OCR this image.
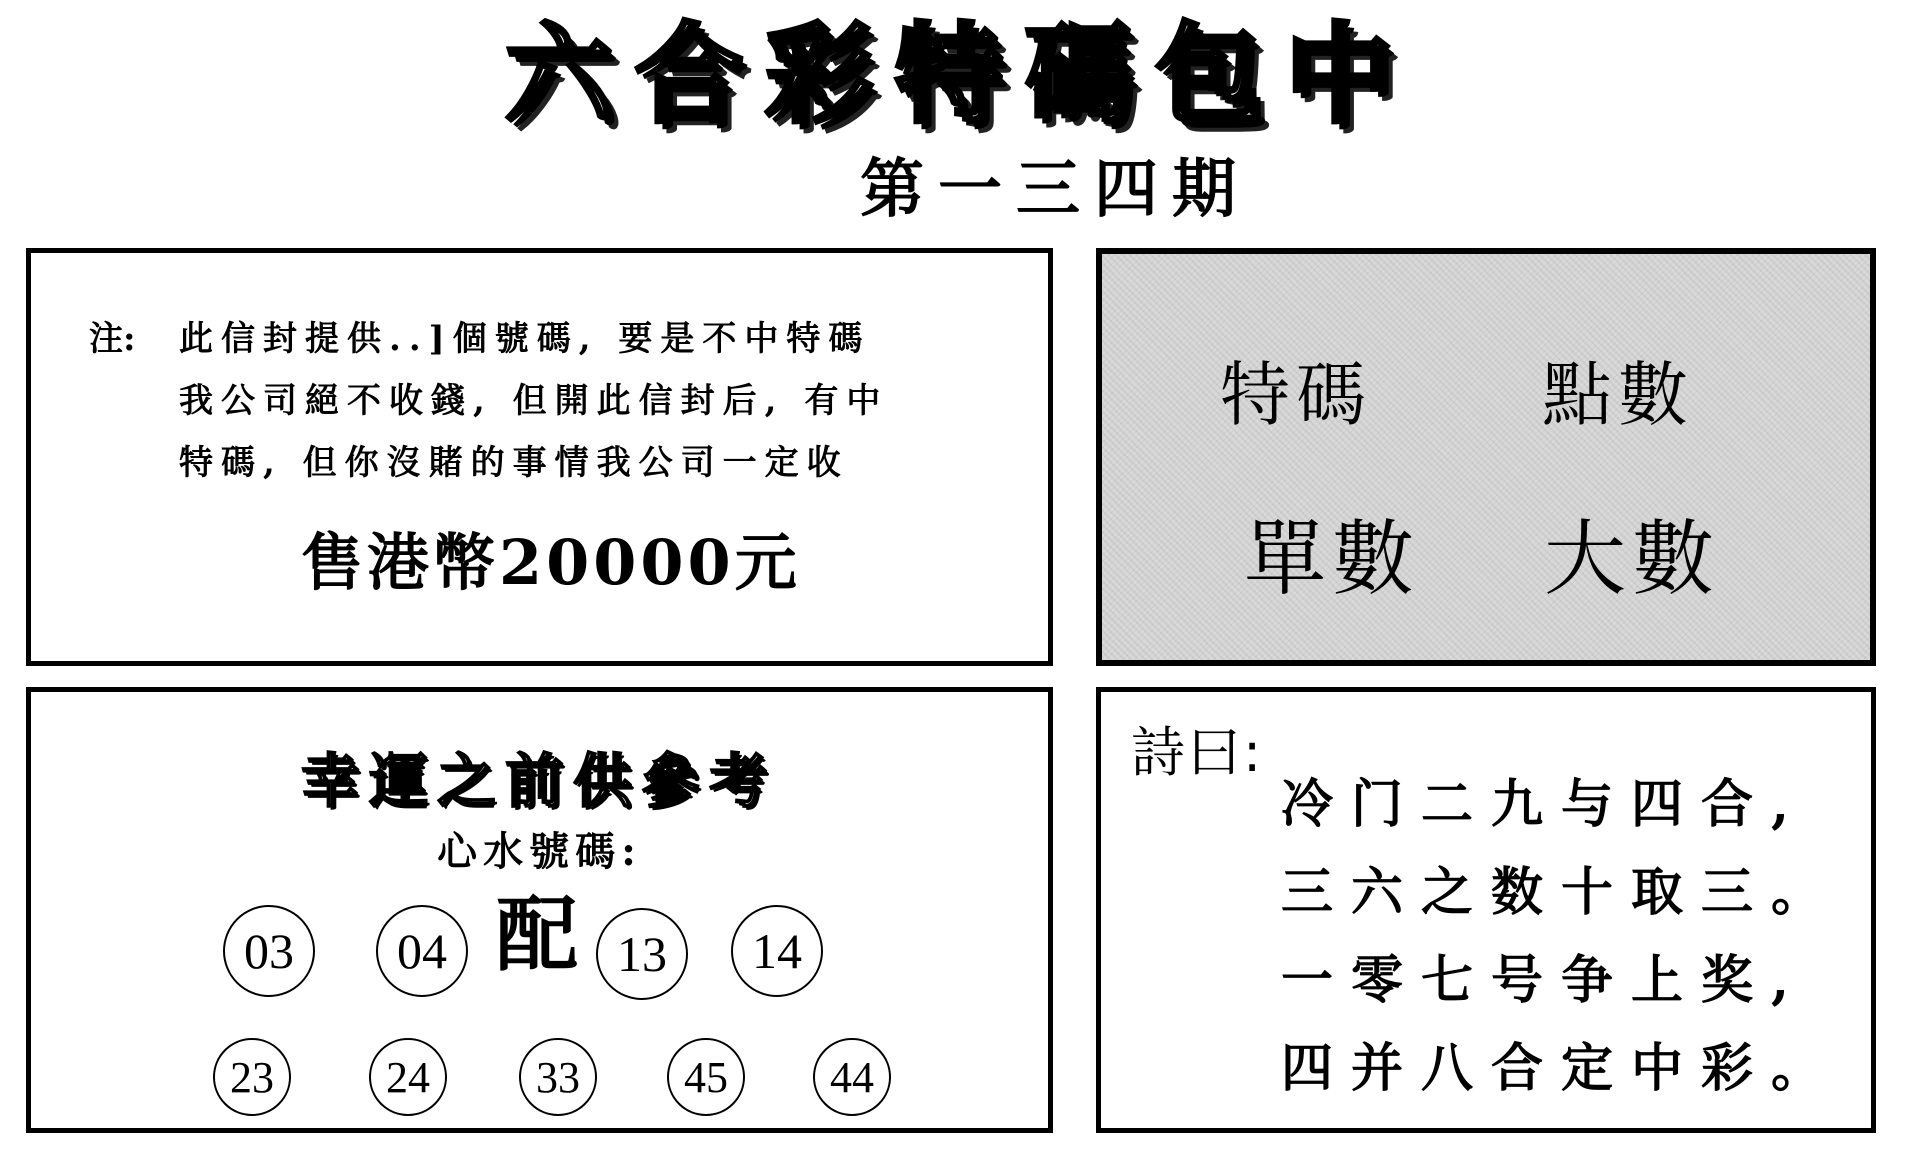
六合彩特碼包中
第一三四期
注: 此信封提供..]個號碼, 要是不中特碼
我公司絕不收錢, 但開此信封后, 有中
特碼, 但你沒賭的事情我公司一定收
售港幣20000元
特碼 點數
單數 大數
幸運之前供參考
心水號碼:
配
03	04	13	14
23	24	33	45	44
詩曰:
冷门二九与四合,
三六之数十取三。
一零七号争上奖,
四并八合定中彩。
